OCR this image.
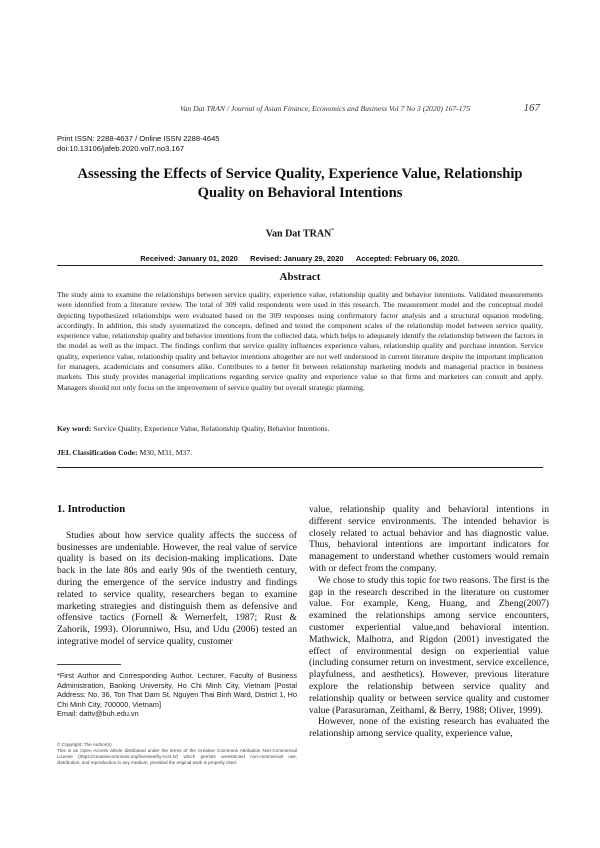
Van Dat TRAN / Journal of Asian Finance, Economics and Business Vol 7 No 3 (2020) 167-175	167
Print ISSN: 2288-4637 / Online ISSN 2288-4645
doi:10.13106/jafeb.2020.vol7.no3.167
Assessing the Effects of Service Quality, Experience Value, Relationship Quality on Behavioral Intentions
Van Dat TRAN*
Received: January 01, 2020 Revised: January 29, 2020 Accepted: February 06, 2020.
Abstract
The study aims to examine the relationships between service quality, experience value, relationship quality and behavior intentions. Validated measurements were identified from a literature review. The total of 309 valid respondents were used in this research. The measurement model and the conceptual model depicting hypothesized relationships were evaluated based on the 309 responses using confirmatory factor analysis and a structural equation modeling, accordingly. In addition, this study systematized the concepts, defined and tested the component scales of the relationship model between service quality, experience value, relationship quality and behavior intentions from the collected data, which helps to adequately identify the relationship between the factors in the model as well as the impact. The findings confirm that service quality influences experience values, relationship quality and purchase intention. Service quality, experience value, relationship quality and behavior intentions altogether are not well understood in current literature despite the important implication for managers, academicians and consumers alike. Contributes to a better fit between relationship marketing models and managerial practice in business markets. This study provides managerial implications regarding service quality and experience value so that firms and marketers can consult and apply. Managers should not only focus on the improvement of service quality but overall strategic planning.
Key word: Service Quality, Experience Value, Relationship Quality, Behavior Intentions.
JEL Classification Code: M30, M31, M37.
1. Introduction

Studies about how service quality affects the success of businesses are undeniable. However, the real value of service quality is based on its decision-making implications. Date back in the late 80s and early 90s of the twentieth century, during the emergence of the service industry and findings related to service quality, researchers began to examine marketing strategies and distinguish them as defensive and offensive tactics (Fornell & Wernerfelt, 1987; Rust & Zahorik, 1993). Olorunniwo, Hsu, and Udu (2006) tested an integrative model of service quality, customer

value, relationship quality and behavioral intentions in different service environments. The intended behavior is closely related to actual behavior and has diagnostic value. Thus, behavioral intentions are important indicators for management to understand whether customers would remain with or defect from the company.

We chose to study this topic for two reasons. The first is the gap in the research described in the literature on customer value. For example, Keng, Huang, and Zheng(2007) examined the relationships among service encounters, customer experiential value,and behavioral intention. Mathwick, Malhotra, and Rigdon (2001) investigated the effect of environmental design on experiential value (including consumer return on investment, service excellence, playfulness, and aesthetics). However, previous literature explore the relationship between service quality and relationship quality or between service quality and customer value (Parasuraman, Zeithaml, & Berry, 1988; Oliver, 1999).

However, none of the existing research has evaluated the relationship among service quality, experience value,

*First Author and Corresponding Author. Lecturer, Faculty of Business Administration, Banking University, Ho Chi Minh City, Vietnam [Postal Address: No. 36, Ton That Dam St, Nguyen Thai Binh Ward, District 1, Ho Chi Minh City, 700000, Vietnam]
Email: dattv@buh.edu.vn
© Copyright: The Author(s)
This is an Open Access article distributed under the terms of the Creative Commons Attribution Non-Commercial License (https://creativecommons.org/licenses/by-nc/4.0/) which permits unrestricted non-commercial use, distribution, and reproduction in any medium, provided the original work is properly cited.
